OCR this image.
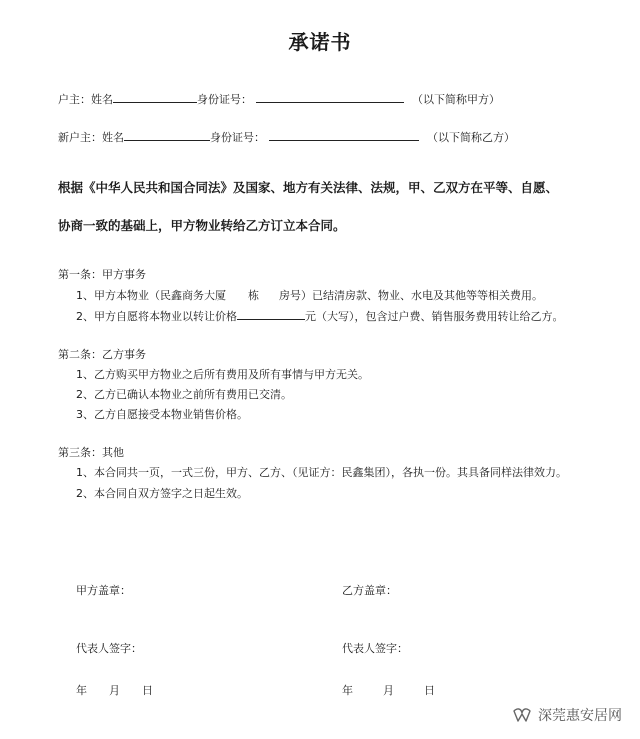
承诺书
户主：姓名	身份证号：	（以下简称甲方）
新户主：姓名	身份证号：	（以下简称乙方）
根据《中华人民共和国合同法》及国家、地方有关法律、法规，甲、乙双方在平等、自愿、
协商一致的基础上，甲方物业转给乙方订立本合同。
第一条：甲方事务
1、甲方本物业（民鑫商务大厦 栋 房号）已结清房款、物业、水电及其他等等相关费用。
2、甲方自愿将本物业以转让价格	元（大写），包含过户费、销售服务费用转让给乙方。
第二条：乙方事务
1、乙方购买甲方物业之后所有费用及所有事情与甲方无关。
2、乙方已确认本物业之前所有费用已交清。
3、乙方自愿接受本物业销售价格。
第三条：其他
1、本合同共一页，一式三份，甲方、乙方、（见证方：民鑫集团），各执一份。其具备同样法律效力。
2、本合同自双方签字之日起生效。
甲方盖章：	乙方盖章：
代表人签字：	代表人签字：
年 月 日	年	月	日
深莞惠安居网
